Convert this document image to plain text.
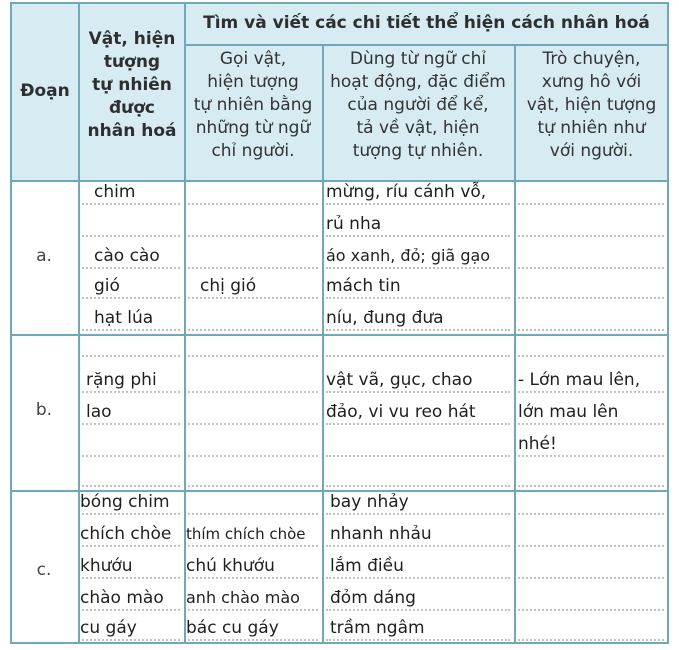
Đoạn
Vật, hiện
tượng
tự nhiên
được
nhân hoá
Tìm và viết các chi tiết thể hiện cách nhân hoá
Gọi vật,
hiện tượng
tự nhiên bằng
những từ ngữ
chỉ người.
Dùng từ ngữ chỉ
hoạt động, đặc điểm
của người để kể,
tả về vật, hiện
tượng tự nhiên.
Trò chuyện,
xưng hô với
vật, hiện tượng
tự nhiên như
với người.
a.
b.
c.
chim
cào cào
gió
hạt lúa
chị gió
mừng, ríu cánh vỗ,
rủ nha
áo xanh, đỏ; giã gạo
mách tin
níu, đung đưa
rặng phi
lao
vật vã, gục, chao
đảo, vi vu reo hát
- Lớn mau lên,
lớn mau lên
nhé!
bóng chim
chích chòe
khướu
chào mào
cu gáy
thím chích chòe
chú khướu
anh chào mào
bác cu gáy
bay nhảy
nhanh nhảu
lắm điều
đỏm dáng
trầm ngâm
